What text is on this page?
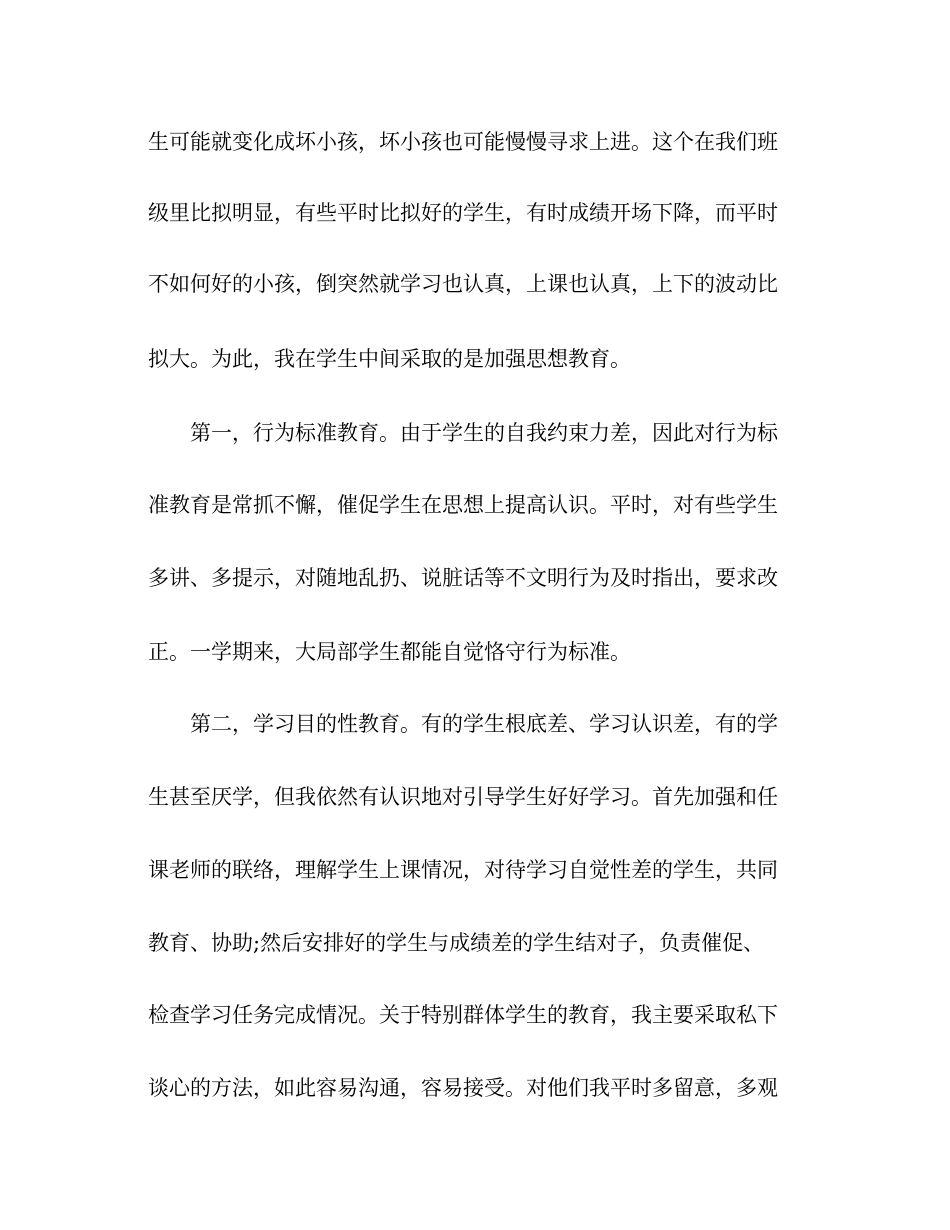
生可能就变化成坏小孩，坏小孩也可能慢慢寻求上进。这个在我们班

级里比拟明显，有些平时比拟好的学生，有时成绩开场下降，而平时

不如何好的小孩，倒突然就学习也认真，上课也认真，上下的波动比

拟大。为此，我在学生中间采取的是加强思想教育。

第一，行为标准教育。由于学生的自我约束力差，因此对行为标

准教育是常抓不懈，催促学生在思想上提高认识。平时，对有些学生

多讲、多提示，对随地乱扔、说脏话等不文明行为及时指出，要求改

正。一学期来，大局部学生都能自觉恪守行为标准。

第二，学习目的性教育。有的学生根底差、学习认识差，有的学

生甚至厌学，但我依然有认识地对引导学生好好学习。首先加强和任

课老师的联络，理解学生上课情况，对待学习自觉性差的学生，共同

教育、协助;然后安排好的学生与成绩差的学生结对子，负责催促、

检查学习任务完成情况。关于特别群体学生的教育，我主要采取私下

谈心的方法，如此容易沟通，容易接受。对他们我平时多留意，多观
